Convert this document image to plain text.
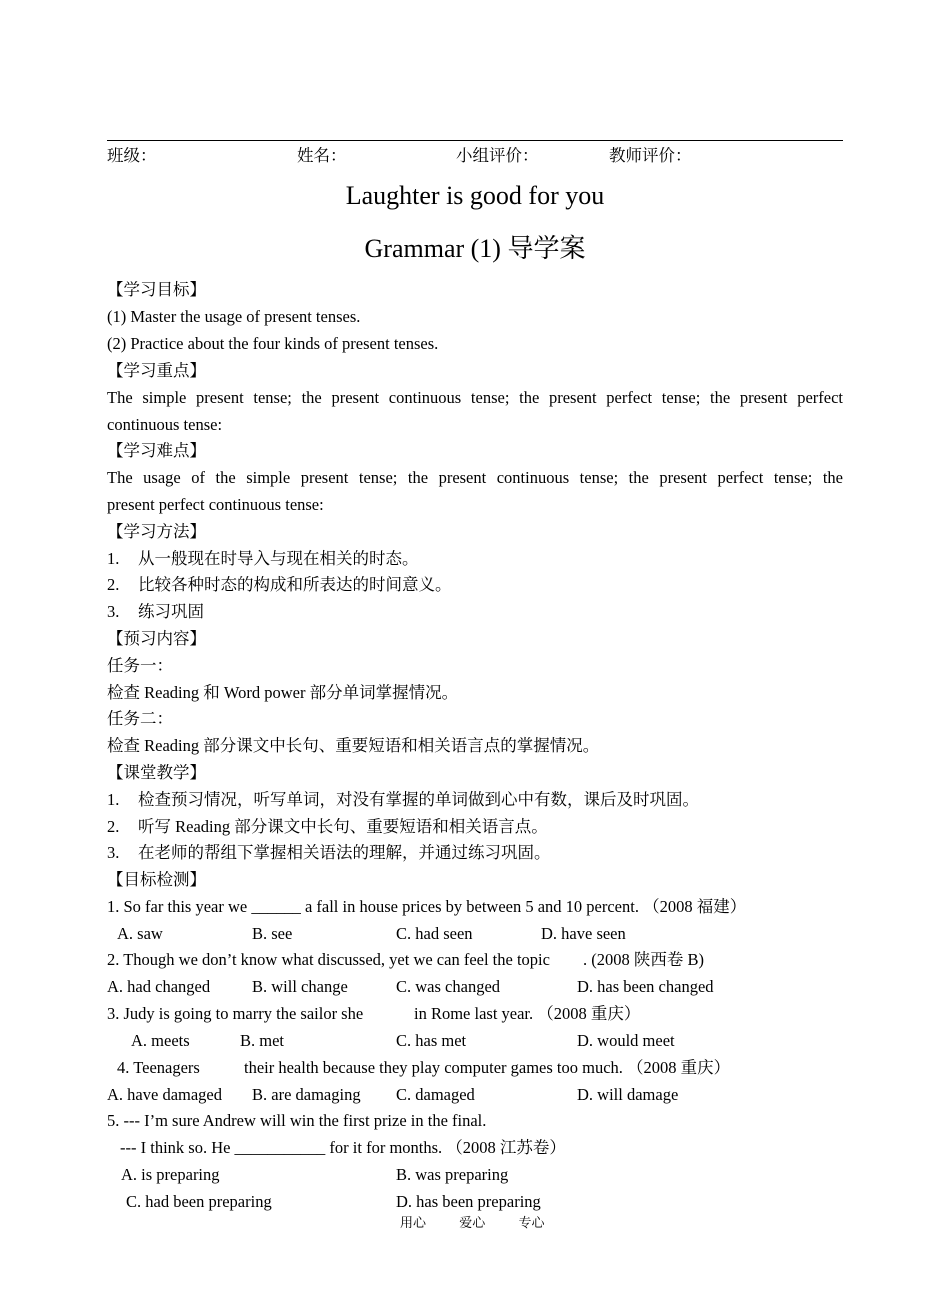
班级：	姓名：	小组评价：	教师评价：
Laughter is good for you
Grammar (1) 导学案
【学习目标】
(1) Master the usage of present tenses.
(2) Practice about the four kinds of present tenses.
【学习重点】
The simple present tense; the present continuous tense; the present perfect tense; the present perfect
continuous tense:
【学习难点】
The usage of the simple present tense; the present continuous tense; the present perfect tense; the
present perfect continuous tense:
【学习方法】
1. 从一般现在时导入与现在相关的时态。
2. 比较各种时态的构成和所表达的时间意义。
3. 练习巩固
【预习内容】
任务一：
检查 Reading 和 Word power 部分单词掌握情况。
任务二：
检查 Reading 部分课文中长句、重要短语和相关语言点的掌握情况。
【课堂教学】
1. 检查预习情况，听写单词，对没有掌握的单词做到心中有数，课后及时巩固。
2. 听写 Reading 部分课文中长句、重要短语和相关语言点。
3. 在老师的帮组下掌握相关语法的理解，并通过练习巩固。
【目标检测】
1. So far this year we ______ a fall in house prices by between 5 and 10 percent. （2008 福建）
A. saw	B. see	C. had seen	D. have seen
2. Though we don’t know what discussed, yet we can feel the topic        . (2008 陕西卷 B)
A. had changed	B. will change	C. was changed	D. has been changed
3. Judy is going to marry the sailor she	in Rome last year. （2008 重庆）
A. meets	B. met	C. has met	D. would meet
4. Teenagers	their health because they play computer games too much. （2008 重庆）
A. have damaged B. are damaging C. damaged	D. will damage
5. --- I’m sure Andrew will win the first prize in the final.
--- I think so. He ___________ for it for months. （2008 江苏卷）
A. is preparing	B. was preparing
C. had been preparing	D. has been preparing
用心	爱心	专心
